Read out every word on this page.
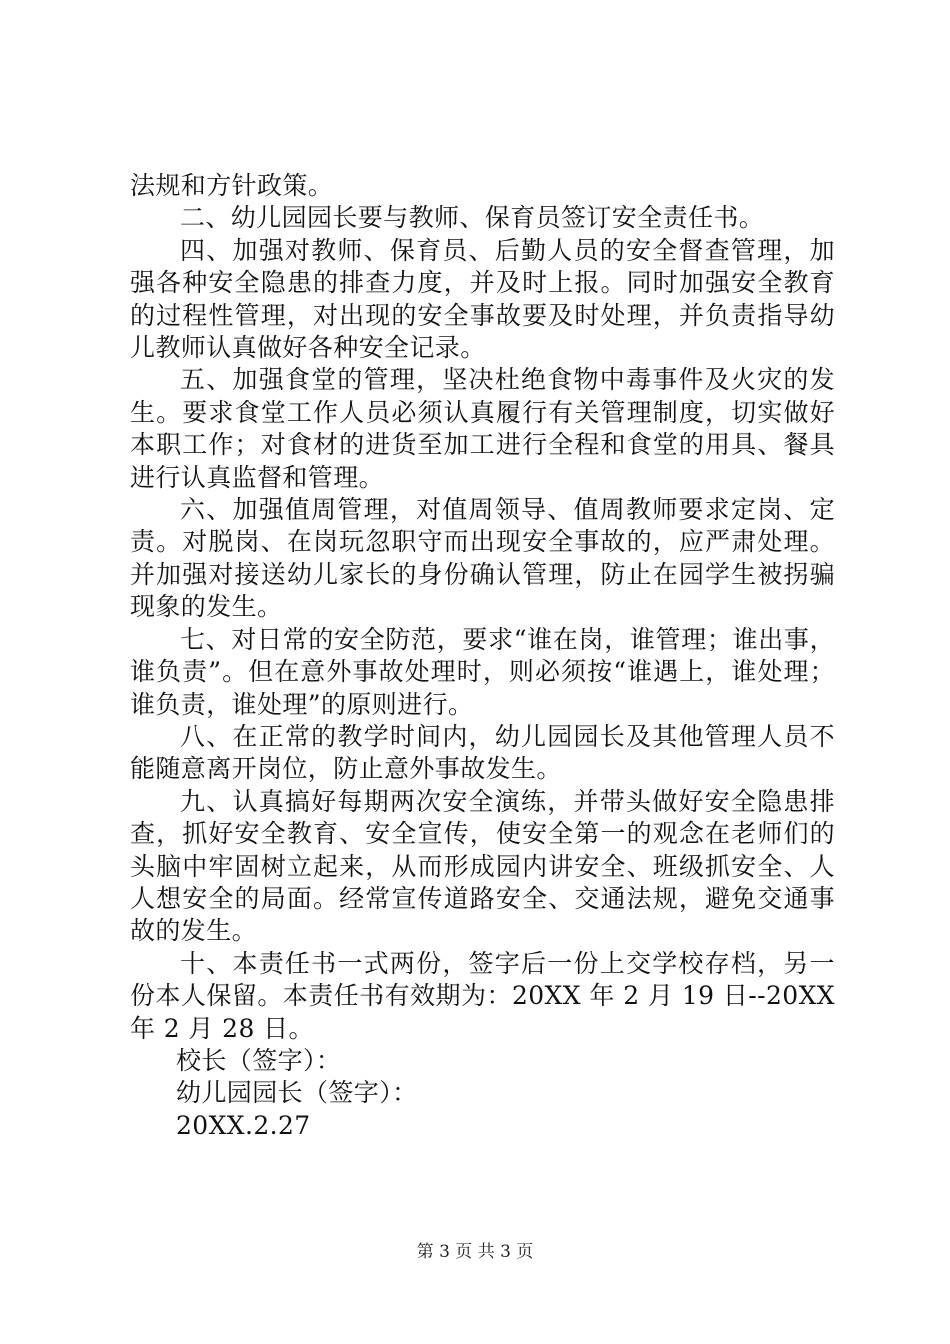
法规和方针政策。

二、幼儿园园长要与教师、保育员签订安全责任书。

四、加强对教师、保育员、后勤人员的安全督查管理，加强各种安全隐患的排查力度，并及时上报。同时加强安全教育的过程性管理，对出现的安全事故要及时处理，并负责指导幼儿教师认真做好各种安全记录。

五、加强食堂的管理，坚决杜绝食物中毒事件及火灾的发生。要求食堂工作人员必须认真履行有关管理制度，切实做好本职工作；对食材的进货至加工进行全程和食堂的用具、餐具进行认真监督和管理。

六、加强值周管理，对值周领导、值周教师要求定岗、定责。对脱岗、在岗玩忽职守而出现安全事故的，应严肃处理。并加强对接送幼儿家长的身份确认管理，防止在园学生被拐骗现象的发生。

七、对日常的安全防范，要求“谁在岗，谁管理；谁出事，谁负责”。但在意外事故处理时，则必须按“谁遇上，谁处理；谁负责，谁处理”的原则进行。

八、在正常的教学时间内，幼儿园园长及其他管理人员不能随意离开岗位，防止意外事故发生。

九、认真搞好每期两次安全演练，并带头做好安全隐患排查，抓好安全教育、安全宣传，使安全第一的观念在老师们的头脑中牢固树立起来，从而形成园内讲安全、班级抓安全、人人想安全的局面。经常宣传道路安全、交通法规，避免交通事故的发生。

十、本责任书一式两份，签字后一份上交学校存档，另一份本人保留。本责任书有效期为：20XX 年 2 月 19 日--20XX 年 2 月 28 日。

校长（签字）：

幼儿园园长（签字）：

20XX.2.27

第 3 页 共 3 页
